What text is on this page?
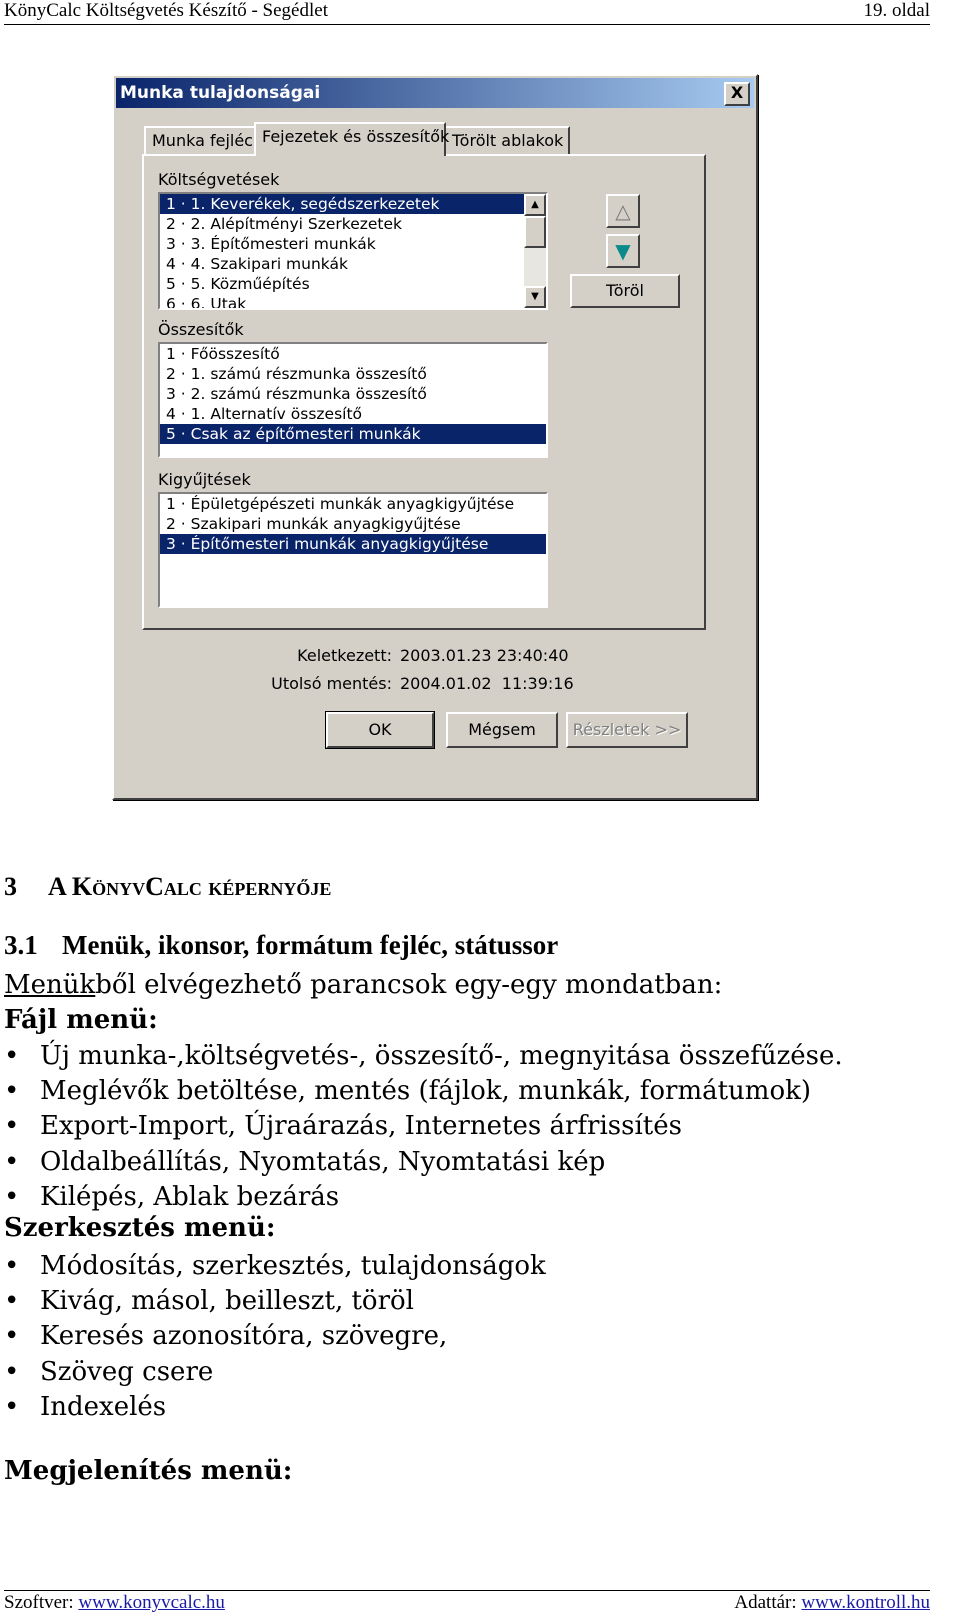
KönyCalc Költségvetés Készítő - Segédlet	19. oldal
Munka tulajdonságai	X
Munka fejléc Fejezetek és összesítők Törölt ablakok
Költségvetések
1 · 1. Keverékek, segédszerkezetek
2 · 2. Alépítményi Szerkezetek
3 · 3. Építőmesteri munkák
4 · 4. Szakipari munkák
5 · 5. Közműépítés
6 · 6. Utak
▲
▼
△
▼
Töröl
Összesítők
1 · Főösszesítő
2 · 1. számú részmunka összesítő
3 · 2. számú részmunka összesítő
4 · 1. Alternatív összesítő
5 · Csak az építőmesteri munkák
Kigyűjtések
1 · Épületgépészeti munkák anyagkigyűjtése
2 · Szakipari munkák anyagkigyűjtése
3 · Építőmesteri munkák anyagkigyűjtése
Keletkezett: 2003.01.23 23:40:40
Utolsó mentés: 2004.01.02  11:39:16
OK	Mégsem	Részletek >>
3 A KönyvCalc képernyője
3.1 Menük, ikonsor, formátum fejléc, státussor
Menükből elvégezhető parancsok egy-egy mondatban:
Fájl menü:
• Új munka-,költségvetés-, összesítő-, megnyitása összefűzése.
• Meglévők betöltése, mentés (fájlok, munkák, formátumok)
• Export-Import, Újraárazás, Internetes árfrissítés
• Oldalbeállítás, Nyomtatás, Nyomtatási kép
• Kilépés, Ablak bezárás
Szerkesztés menü:
• Módosítás, szerkesztés, tulajdonságok
• Kivág, másol, beilleszt, töröl
• Keresés azonosítóra, szövegre,
• Szöveg csere
• Indexelés
Megjelenítés menü:
Szoftver: www.konyvcalc.hu	Adattár: www.kontroll.hu
